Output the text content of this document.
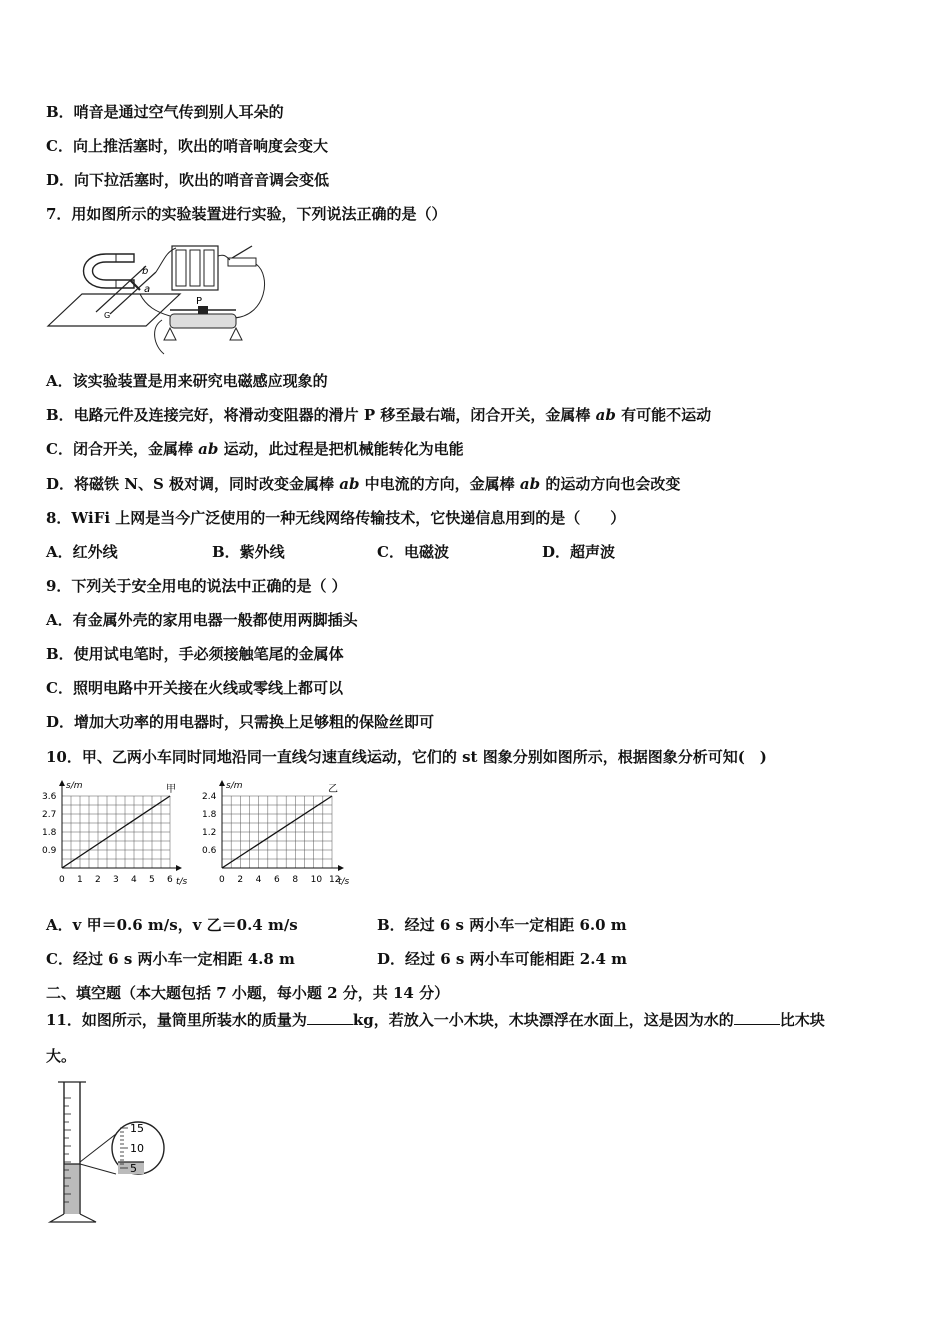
B．哨音是通过空气传到别人耳朵的
C．向上推活塞时，吹出的哨音响度会变大
D．向下拉活塞时，吹出的哨音音调会变低
7．用如图所示的实验装置进行实验，下列说法正确的是（）
b
a
G
P
A．该实验装置是用来研究电磁感应现象的
B．电路元件及连接完好，将滑动变阻器的滑片 P 移至最右端，闭合开关，金属棒 ab 有可能不运动
C．闭合开关，金属棒 ab 运动，此过程是把机械能转化为电能
D．将磁铁 N、S 极对调，同时改变金属棒 ab 中电流的方向，金属棒 ab 的运动方向也会改变
8．WiFi 上网是当今广泛使用的一种无线网络传输技术，它快递信息用到的是（　　）
A．红外线	B．紫外线	C．电磁波	D．超声波
9．下列关于安全用电的说法中正确的是（ ）
A．有金属外壳的家用电器一般都使用两脚插头
B．使用试电笔时，手必须接触笔尾的金属体
C．照明电路中开关接在火线或零线上都可以
D．增加大功率的用电器时，只需换上足够粗的保险丝即可
10．甲、乙两小车同时同地沿同一直线匀速直线运动，它们的 st 图象分别如图所示，根据图象分析可知(　)
t/s
s/m
0 1 2 3 4 5 6
0.9
1.8
2.7
3.6
甲
t/s
s/m
0 2 4 6 8 10 12
0.6
1.2
1.8
2.4
乙
A．v 甲＝0.6 m/s，v 乙＝0.4 m/s	B．经过 6 s 两小车一定相距 6.0 m
C．经过 6 s 两小车一定相距 4.8 m	D．经过 6 s 两小车可能相距 2.4 m
二、填空题（本大题包括 7 小题，每小题 2 分，共 14 分）
11．如图所示，量筒里所装水的质量为	kg，若放入一小木块，木块漂浮在水面上，这是因为水的	比木块
大。
15
10
5
